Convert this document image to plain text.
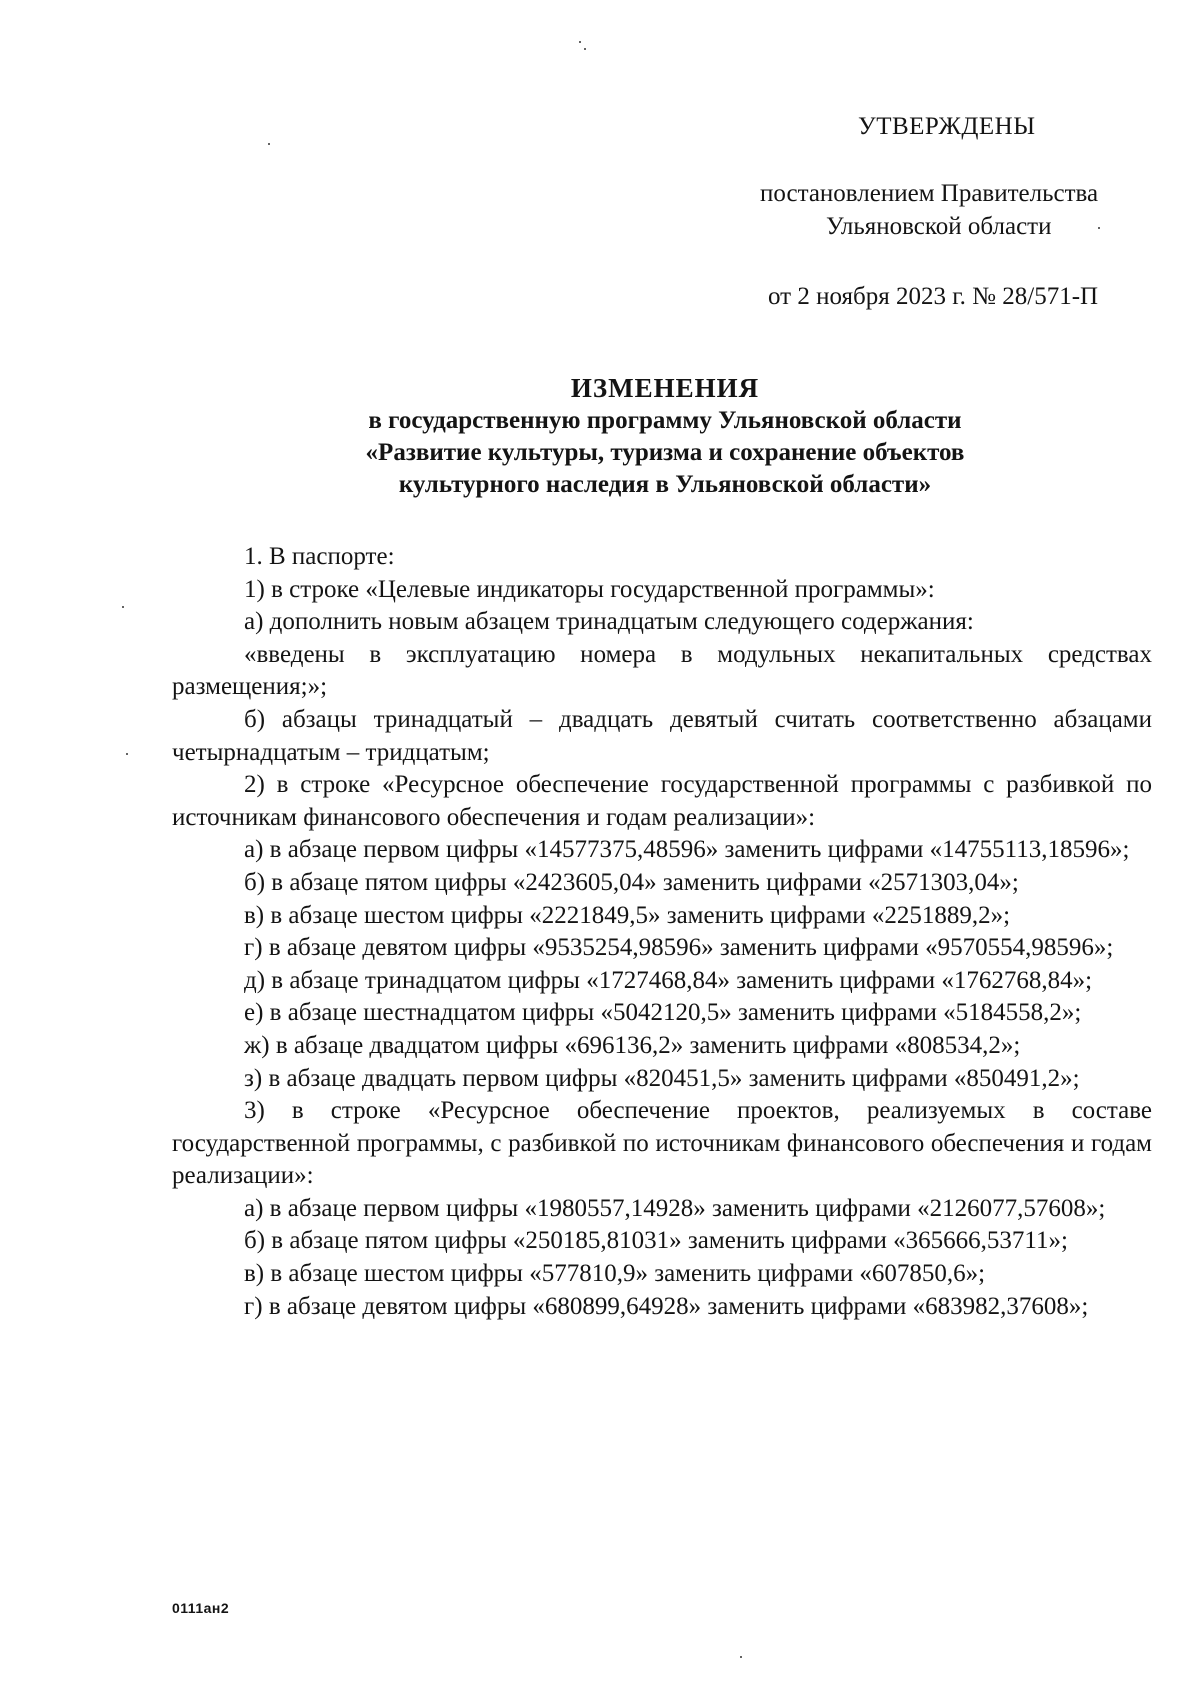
УТВЕРЖДЕНЫ
постановлением Правительства
Ульяновской области
от 2 ноября 2023 г. № 28/571-П
ИЗМЕНЕНИЯ
в государственную программу Ульяновской области
«Развитие культуры, туризма и сохранение объектов
культурного наследия в Ульяновской области»

1. В паспорте:

1) в строке «Целевые индикаторы государственной программы»:

а) дополнить новым абзацем тринадцатым следующего содержания:

«введены в эксплуатацию номера в модульных некапитальных средствах размещения;»;

б) абзацы тринадцатый – двадцать девятый считать соответственно абзацами четырнадцатым – тридцатым;

2) в строке «Ресурсное обеспечение государственной программы с разбивкой по источникам финансового обеспечения и годам реализации»:

а) в абзаце первом цифры «14577375,48596» заменить цифрами «14755113,18596»;

б) в абзаце пятом цифры «2423605,04» заменить цифрами «2571303,04»;

в) в абзаце шестом цифры «2221849,5» заменить цифрами «2251889,2»;

г) в абзаце девятом цифры «9535254,98596» заменить цифрами «9570554,98596»;

д) в абзаце тринадцатом цифры «1727468,84» заменить цифрами «1762768,84»;

е) в абзаце шестнадцатом цифры «5042120,5» заменить цифрами «5184558,2»;

ж) в абзаце двадцатом цифры «696136,2» заменить цифрами «808534,2»;

з) в абзаце двадцать первом цифры «820451,5» заменить цифрами «850491,2»;

3) в строке «Ресурсное обеспечение проектов, реализуемых в составе государственной программы, с разбивкой по источникам финансового обеспечения и годам реализации»:

а) в абзаце первом цифры «1980557,14928» заменить цифрами «2126077,57608»;

б) в абзаце пятом цифры «250185,81031» заменить цифрами «365666,53711»;

в) в абзаце шестом цифры «577810,9» заменить цифрами «607850,6»;

г) в абзаце девятом цифры «680899,64928» заменить цифрами «683982,37608»;

0111ан2
